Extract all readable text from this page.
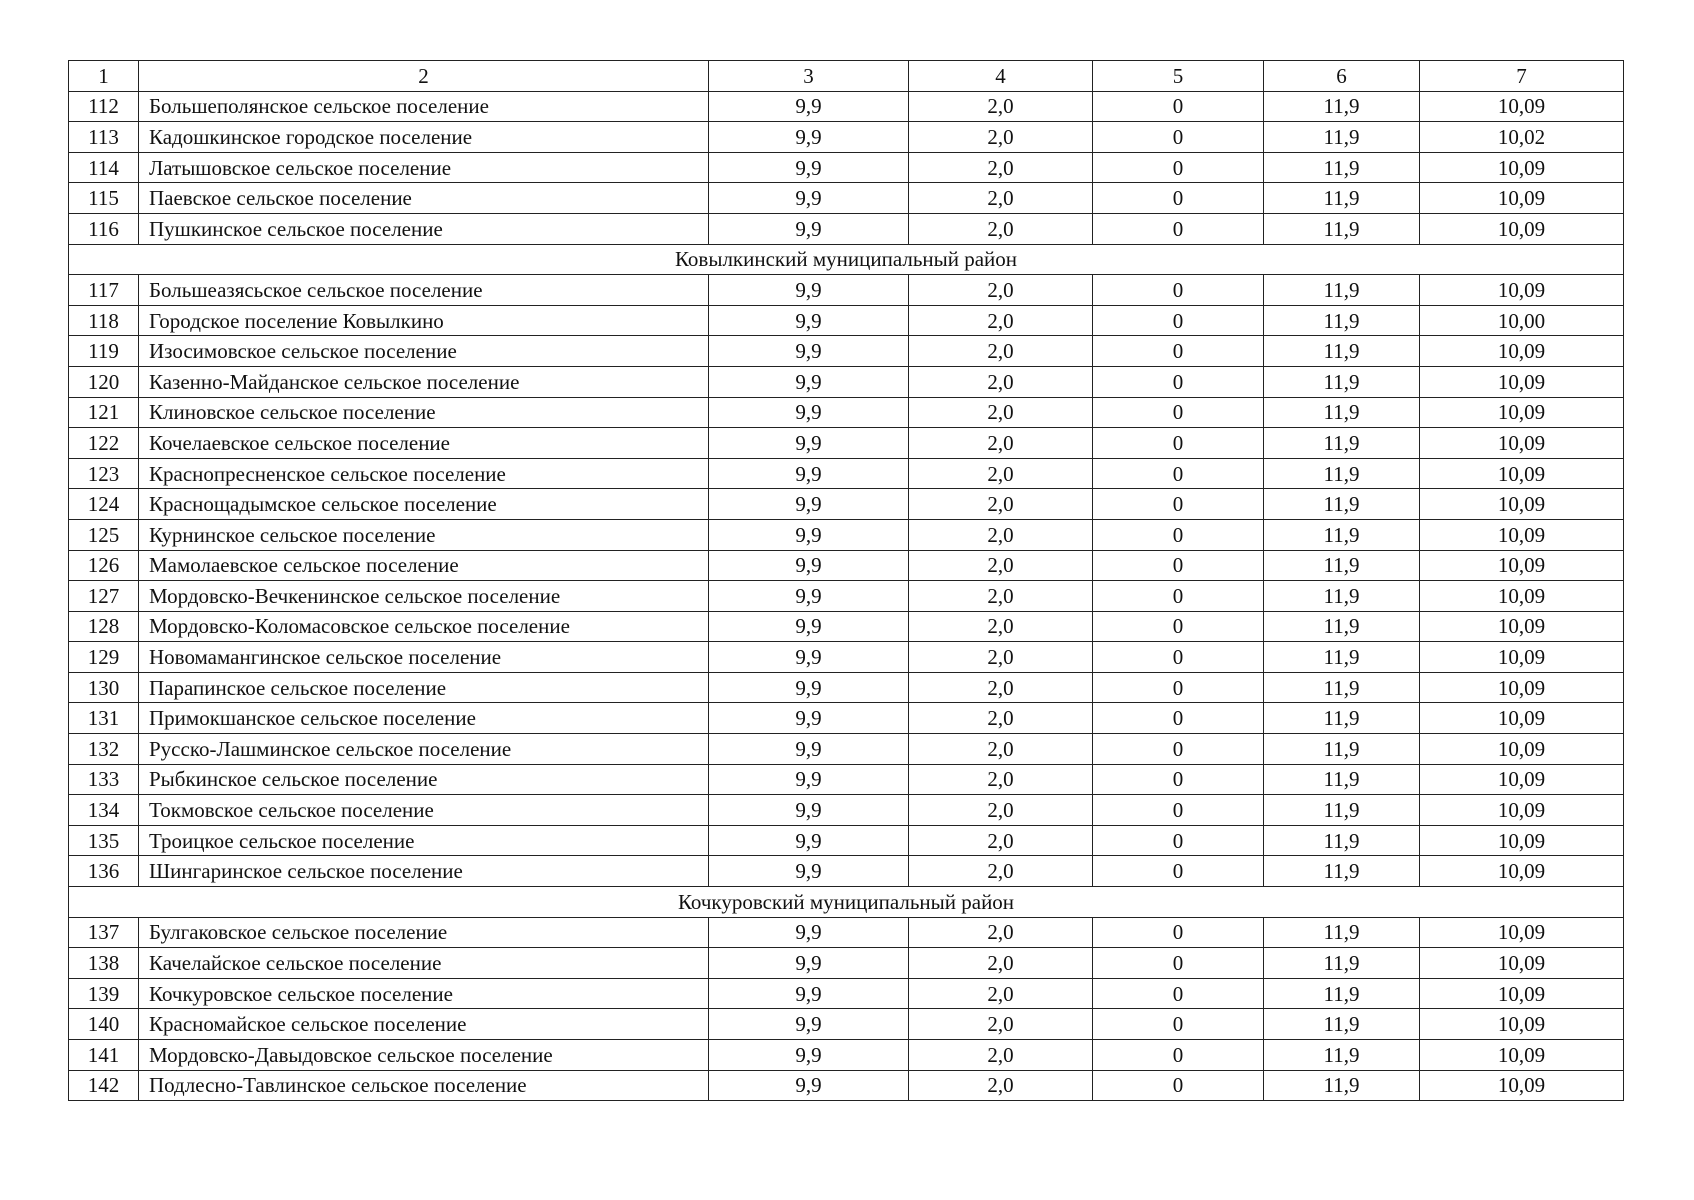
1	2	3	4	5	6	7
112	Большеполянское сельское поселение	9,9	2,0	0	11,9	10,09
113	Кадошкинское городское поселение	9,9	2,0	0	11,9	10,02
114	Латышовское сельское поселение	9,9	2,0	0	11,9	10,09
115	Паевское сельское поселение	9,9	2,0	0	11,9	10,09
116	Пушкинское сельское поселение	9,9	2,0	0	11,9	10,09
Ковылкинский муниципальный район						
117	Большеазясьское сельское поселение	9,9	2,0	0	11,9	10,09
118	Городское поселение Ковылкино	9,9	2,0	0	11,9	10,00
119	Изосимовское сельское поселение	9,9	2,0	0	11,9	10,09
120	Казенно-Майданское сельское поселение	9,9	2,0	0	11,9	10,09
121	Клиновское сельское поселение	9,9	2,0	0	11,9	10,09
122	Кочелаевское сельское поселение	9,9	2,0	0	11,9	10,09
123	Краснопресненское сельское поселение	9,9	2,0	0	11,9	10,09
124	Краснощадымское сельское поселение	9,9	2,0	0	11,9	10,09
125	Курнинское сельское поселение	9,9	2,0	0	11,9	10,09
126	Мамолаевское сельское поселение	9,9	2,0	0	11,9	10,09
127	Мордовско-Вечкенинское сельское поселение	9,9	2,0	0	11,9	10,09
128	Мордовско-Коломасовское сельское поселение	9,9	2,0	0	11,9	10,09
129	Новомамангинское сельское поселение	9,9	2,0	0	11,9	10,09
130	Парапинское сельское поселение	9,9	2,0	0	11,9	10,09
131	Примокшанское сельское поселение	9,9	2,0	0	11,9	10,09
132	Русско-Лашминское сельское поселение	9,9	2,0	0	11,9	10,09
133	Рыбкинское сельское поселение	9,9	2,0	0	11,9	10,09
134	Токмовское сельское поселение	9,9	2,0	0	11,9	10,09
135	Троицкое сельское поселение	9,9	2,0	0	11,9	10,09
136	Шингаринское сельское поселение	9,9	2,0	0	11,9	10,09
Кочкуровский муниципальный район						
137	Булгаковское сельское поселение	9,9	2,0	0	11,9	10,09
138	Качелайское сельское поселение	9,9	2,0	0	11,9	10,09
139	Кочкуровское сельское поселение	9,9	2,0	0	11,9	10,09
140	Красномайское сельское поселение	9,9	2,0	0	11,9	10,09
141	Мордовско-Давыдовское сельское поселение	9,9	2,0	0	11,9	10,09
142	Подлесно-Тавлинское сельское поселение	9,9	2,0	0	11,9	10,09
